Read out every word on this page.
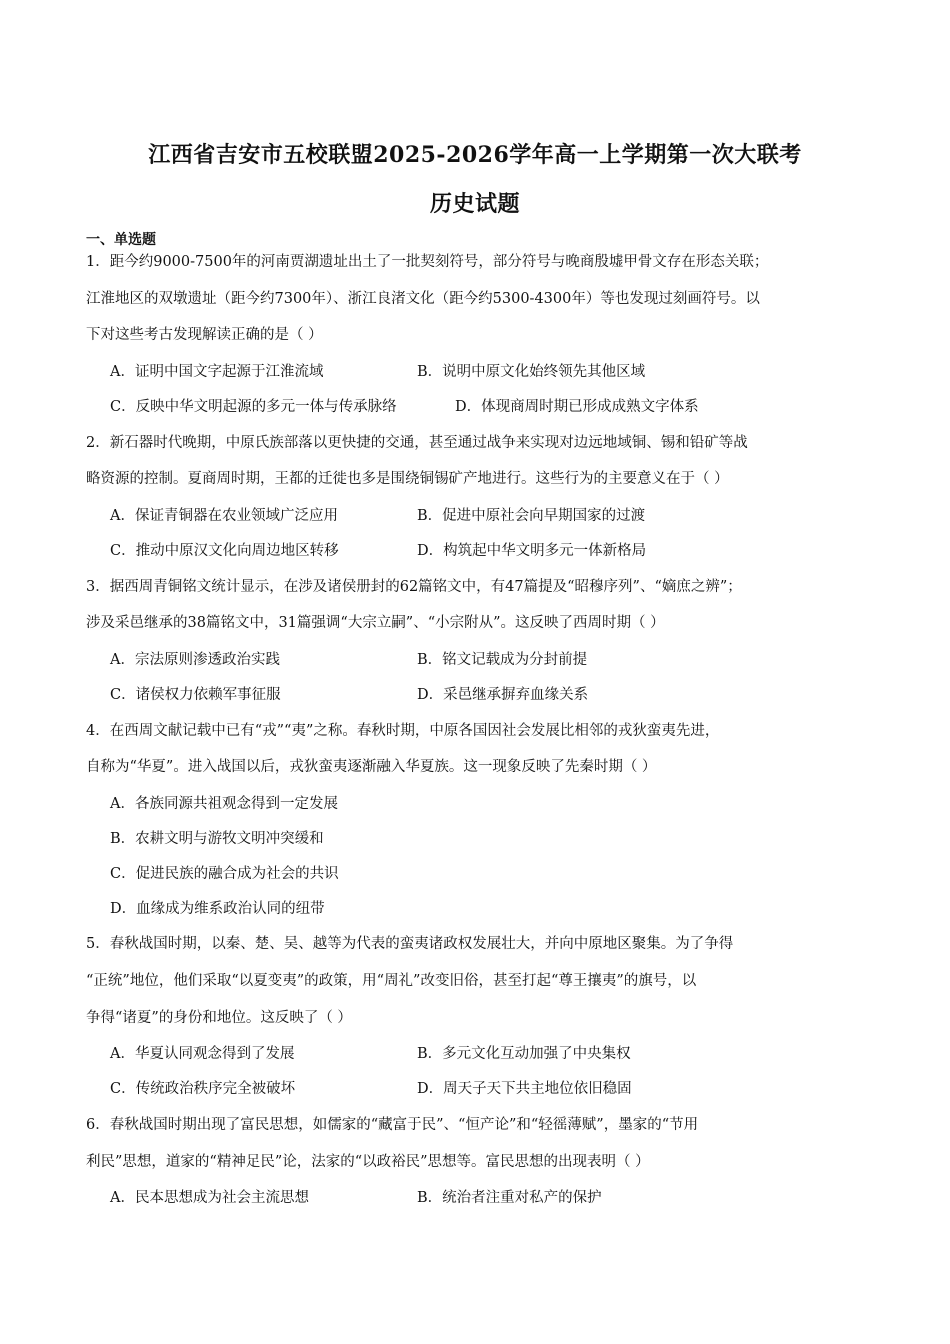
江西省吉安市五校联盟2025-2026学年高一上学期第一次大联考
历史试题
一、单选题
1．距今约9000-7500年的河南贾湖遗址出土了一批契刻符号，部分符号与晚商殷墟甲骨文存在形态关联；
江淮地区的双墩遗址（距今约7300年）、浙江良渚文化（距今约5300-4300年）等也发现过刻画符号。以
下对这些考古发现解读正确的是（ ）
A．证明中国文字起源于江淮流域	B．说明中原文化始终领先其他区域
C．反映中华文明起源的多元一体与传承脉络	D．体现商周时期已形成成熟文字体系
2．新石器时代晚期，中原氏族部落以更快捷的交通，甚至通过战争来实现对边远地域铜、锡和铅矿等战
略资源的控制。夏商周时期，王都的迁徙也多是围绕铜锡矿产地进行。这些行为的主要意义在于（ ）
A．保证青铜器在农业领域广泛应用	B．促进中原社会向早期国家的过渡
C．推动中原汉文化向周边地区转移	D．构筑起中华文明多元一体新格局
3．据西周青铜铭文统计显示，在涉及诸侯册封的62篇铭文中，有47篇提及“昭穆序列”、“嫡庶之辨”；
涉及采邑继承的38篇铭文中，31篇强调“大宗立嗣”、“小宗附从”。这反映了西周时期（ ）
A．宗法原则渗透政治实践	B．铭文记载成为分封前提
C．诸侯权力依赖军事征服	D．采邑继承摒弃血缘关系
4．在西周文献记载中已有“戎”“夷”之称。春秋时期，中原各国因社会发展比相邻的戎狄蛮夷先进，
自称为“华夏”。进入战国以后，戎狄蛮夷逐渐融入华夏族。这一现象反映了先秦时期（ ）
A．各族同源共祖观念得到一定发展
B．农耕文明与游牧文明冲突缓和
C．促进民族的融合成为社会的共识
D．血缘成为维系政治认同的纽带
5．春秋战国时期，以秦、楚、吴、越等为代表的蛮夷诸政权发展壮大，并向中原地区聚集。为了争得
“正统”地位，他们采取“以夏变夷”的政策，用“周礼”改变旧俗，甚至打起“尊王攘夷”的旗号，以
争得“诸夏”的身份和地位。这反映了（ ）
A．华夏认同观念得到了发展	B．多元文化互动加强了中央集权
C．传统政治秩序完全被破坏	D．周天子天下共主地位依旧稳固
6．春秋战国时期出现了富民思想，如儒家的“藏富于民”、“恒产论”和“轻徭薄赋”，墨家的“节用
利民”思想，道家的“精神足民”论，法家的“以政裕民”思想等。富民思想的出现表明（ ）
A．民本思想成为社会主流思想	B．统治者注重对私产的保护
